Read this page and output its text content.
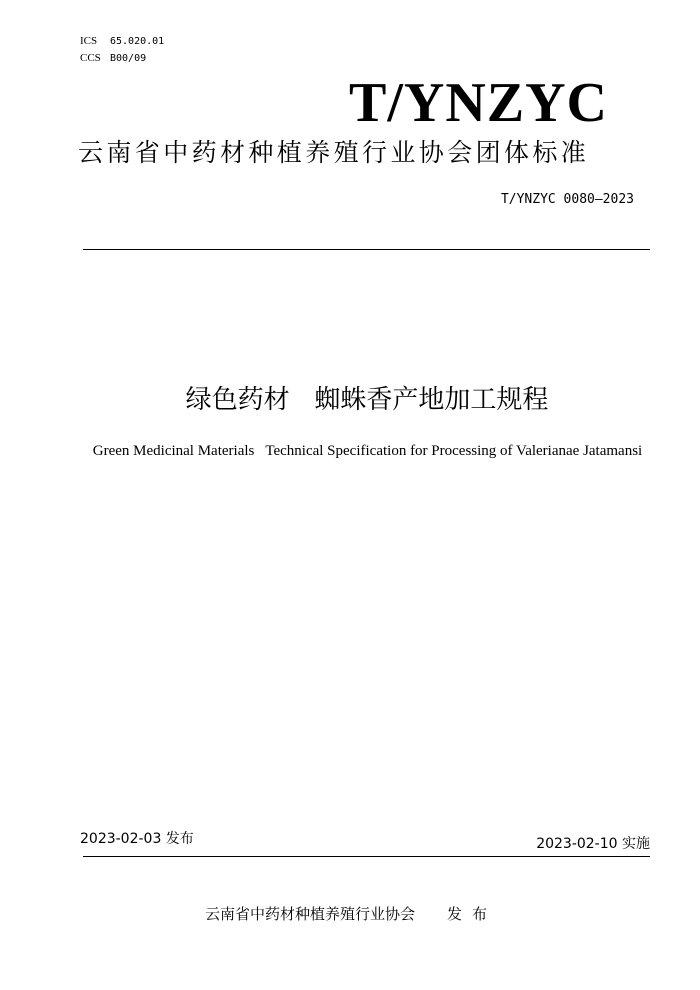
ICS 65.020.01
CCS B00/09
T/YNZYC
云南省中药材种植养殖行业协会团体标准
T/YNZYC 0080—2023
绿色药材   蜘蛛香产地加工规程
Green Medicinal Materials   Technical Specification for Processing of Valerianae Jatamansi
2023-02-03 发布	2023-02-10 实施
云南省中药材种植养殖行业协会 发布
